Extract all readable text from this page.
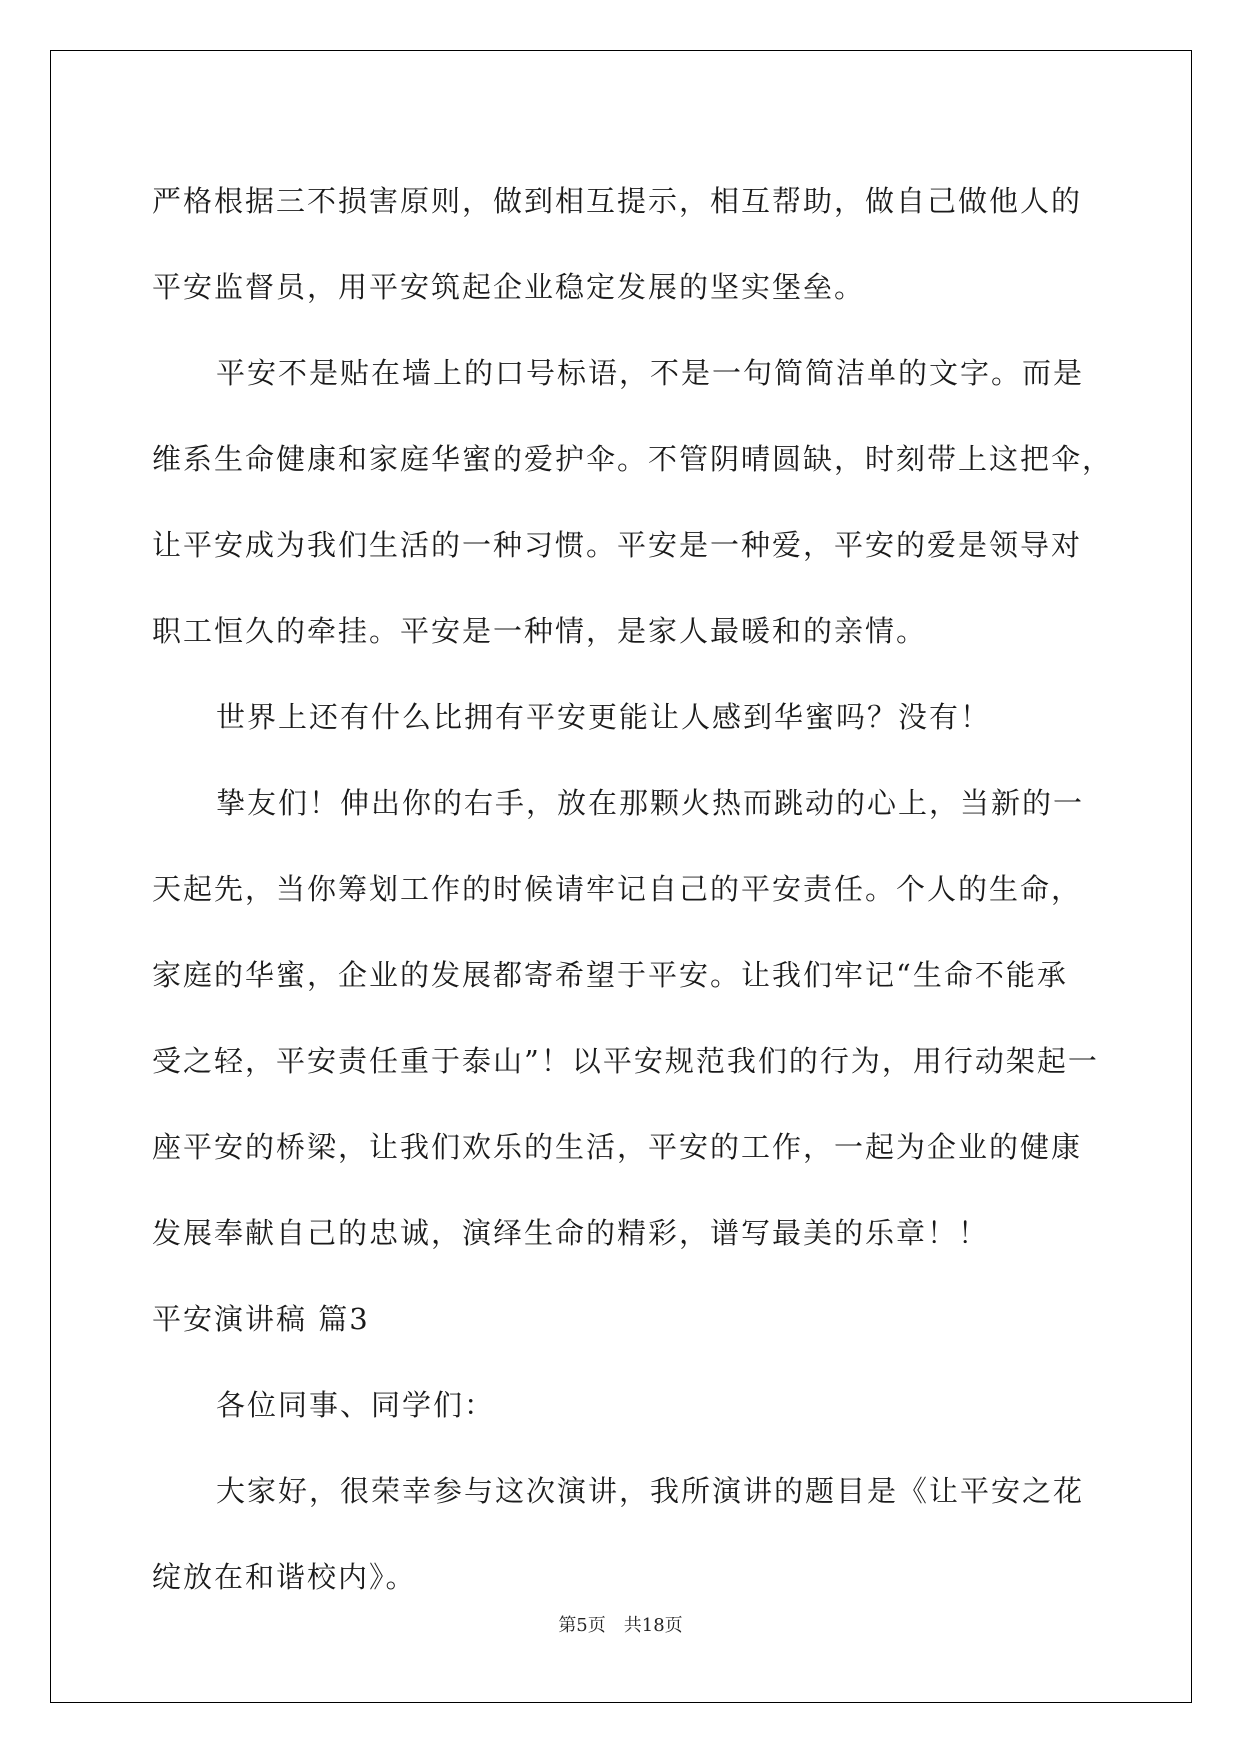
严格根据三不损害原则，做到相互提示，相互帮助，做自己做他人的
平安监督员，用平安筑起企业稳定发展的坚实堡垒。
平安不是贴在墙上的口号标语，不是一句简简洁单的文字。而是
维系生命健康和家庭华蜜的爱护伞。不管阴晴圆缺，时刻带上这把伞，
让平安成为我们生活的一种习惯。平安是一种爱，平安的爱是领导对
职工恒久的牵挂。平安是一种情，是家人最暖和的亲情。
世界上还有什么比拥有平安更能让人感到华蜜吗？没有！
挚友们！伸出你的右手，放在那颗火热而跳动的心上，当新的一
天起先，当你筹划工作的时候请牢记自己的平安责任。个人的生命，
家庭的华蜜，企业的发展都寄希望于平安。让我们牢记“生命不能承
受之轻，平安责任重于泰山”！以平安规范我们的行为，用行动架起一
座平安的桥梁，让我们欢乐的生活，平安的工作，一起为企业的健康
发展奉献自己的忠诚，演绎生命的精彩，谱写最美的乐章！！
平安演讲稿 篇3
各位同事、同学们：
大家好，很荣幸参与这次演讲，我所演讲的题目是《让平安之花
绽放在和谐校内》。
第5页　共18页
